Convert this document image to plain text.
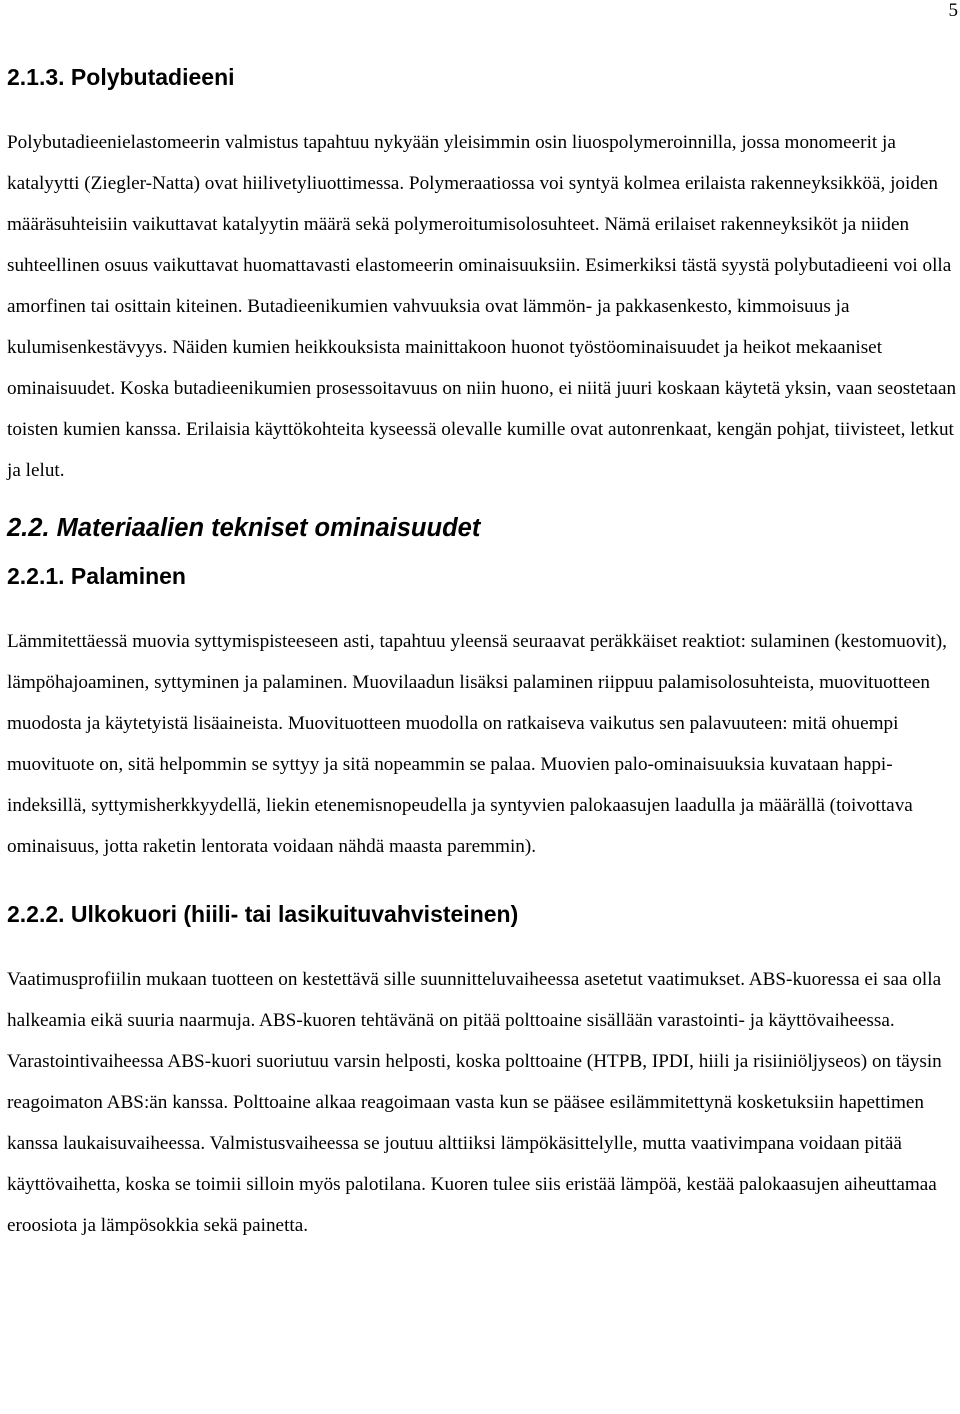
5
2.1.3. Polybutadieeni

Polybutadieenielastomeerin valmistus tapahtuu nykyään yleisimmin osin liuospolymeroinnilla, jossa monomeerit ja katalyytti (Ziegler-Natta) ovat hiilivetyliuottimessa. Polymeraatiossa voi syntyä kolmea erilaista rakenneyksikköä, joiden määräsuhteisiin vaikuttavat katalyytin määrä sekä polymeroitumisolosuhteet. Nämä erilaiset rakenneyksiköt ja niiden suhteellinen osuus vaikuttavat huomattavasti elastomeerin ominaisuuksiin. Esimerkiksi tästä syystä polybutadieeni voi olla amorfinen tai osittain kiteinen. Butadieenikumien vahvuuksia ovat lämmön- ja pakkasenkesto, kimmoisuus ja kulumisenkestävyys. Näiden kumien heikkouksista mainittakoon huonot työstöominaisuudet ja heikot mekaaniset ominaisuudet. Koska butadieenikumien prosessoitavuus on niin huono, ei niitä juuri koskaan käytetä yksin, vaan seostetaan toisten kumien kanssa. Erilaisia käyttökohteita kyseessä olevalle kumille ovat autonrenkaat, kengän pohjat, tiivisteet, letkut ja lelut.

2.2. Materiaalien tekniset ominaisuudet
2.2.1. Palaminen

Lämmitettäessä muovia syttymispisteeseen asti, tapahtuu yleensä seuraavat peräkkäiset reaktiot: sulaminen (kestomuovit), lämpöhajoaminen, syttyminen ja palaminen. Muovilaadun lisäksi palaminen riippuu palamisolosuhteista, muovituotteen muodosta ja käytetyistä lisäaineista. Muovituotteen muodolla on ratkaiseva vaikutus sen palavuuteen: mitä ohuempi muovituote on, sitä helpommin se syttyy ja sitä nopeammin se palaa. Muovien palo-ominaisuuksia kuvataan happi-indeksillä, syttymisherkkyydellä, liekin etenemisnopeudella ja syntyvien palokaasujen laadulla ja määrällä (toivottava ominaisuus, jotta raketin lentorata voidaan nähdä maasta paremmin).

2.2.2. Ulkokuori (hiili- tai lasikuituvahvisteinen)

Vaatimusprofiilin mukaan tuotteen on kestettävä sille suunnitteluvaiheessa asetetut vaatimukset. ABS-kuoressa ei saa olla halkeamia eikä suuria naarmuja. ABS-kuoren tehtävänä on pitää polttoaine sisällään varastointi- ja käyttövaiheessa. Varastointivaiheessa ABS-kuori suoriutuu varsin helposti, koska polttoaine (HTPB, IPDI, hiili ja risiiniöljyseos) on täysin reagoimaton ABS:än kanssa. Polttoaine alkaa reagoimaan vasta kun se pääsee esilämmitettynä kosketuksiin hapettimen kanssa laukaisuvaiheessa. Valmistusvaiheessa se joutuu alttiiksi lämpökäsittelylle, mutta vaativimpana voidaan pitää käyttövaihetta, koska se toimii silloin myös palotilana. Kuoren tulee siis eristää lämpöä, kestää palokaasujen aiheuttamaa eroosiota ja lämpösokkia sekä painetta.
